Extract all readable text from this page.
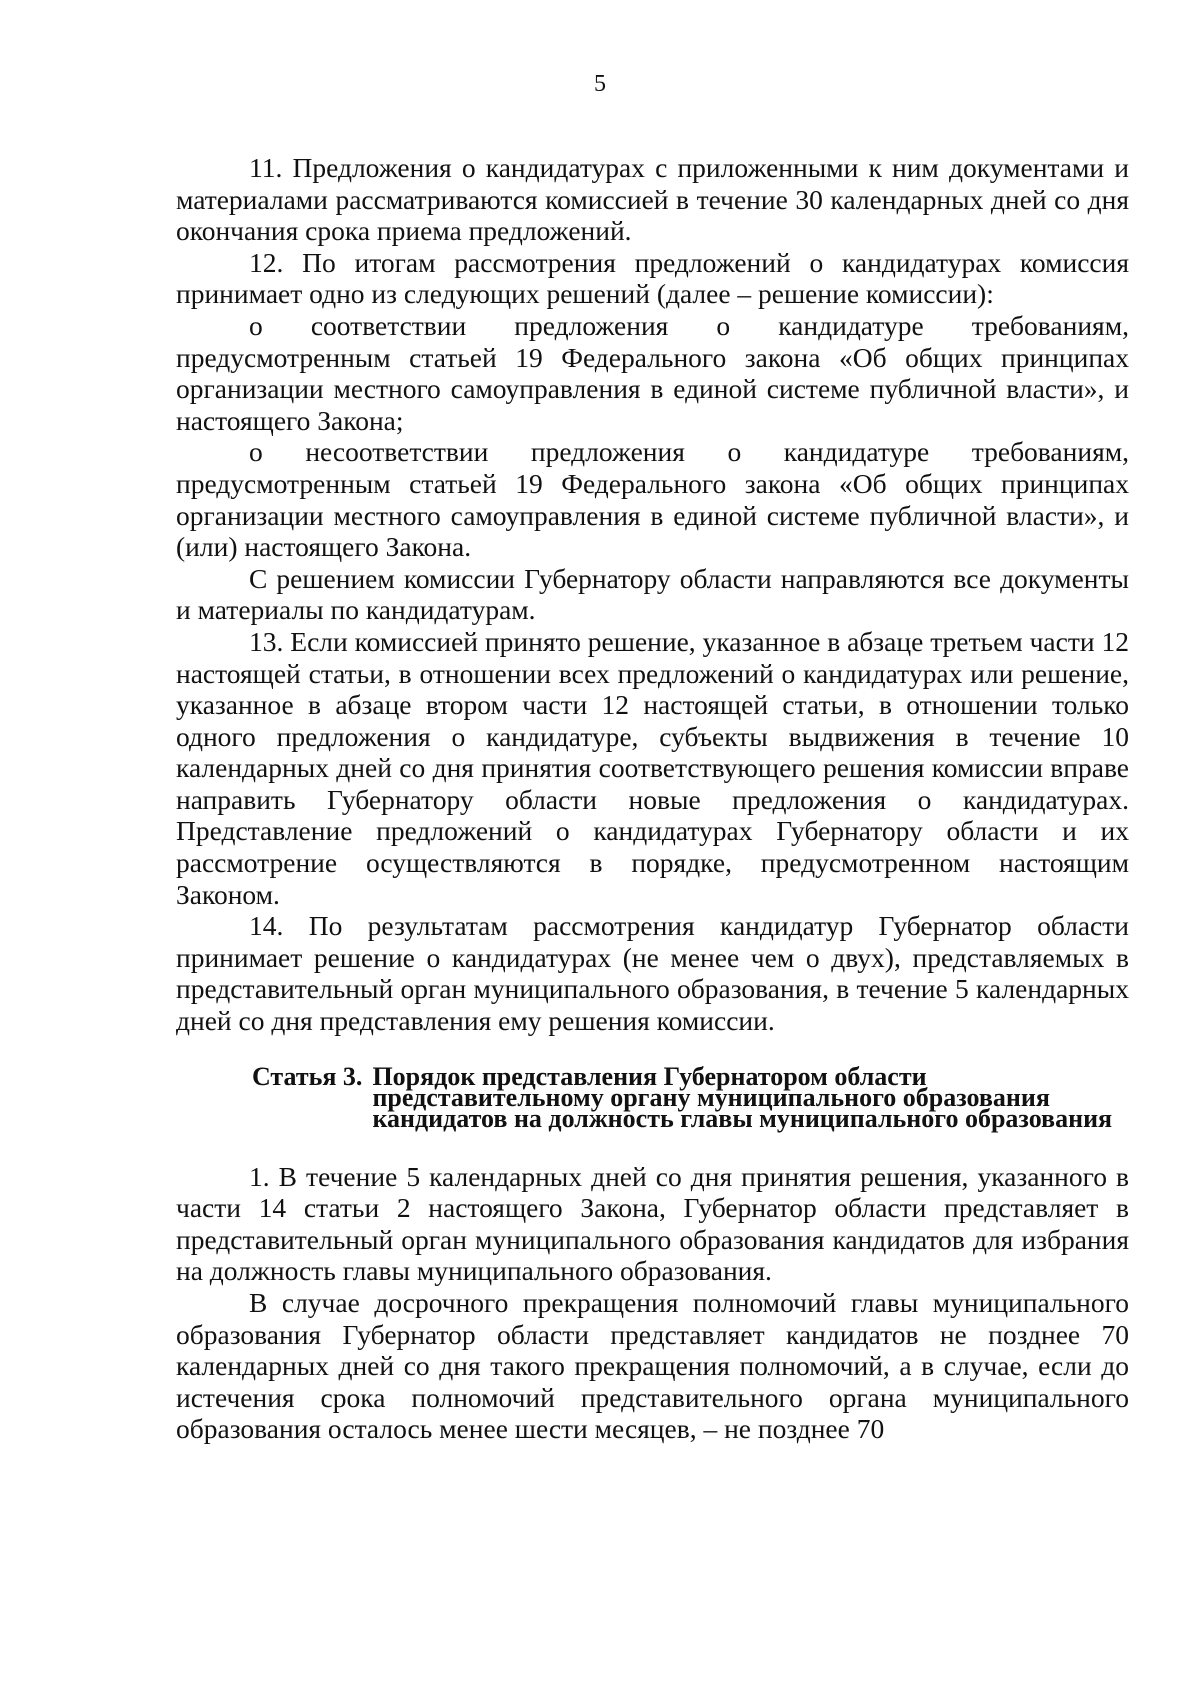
5

11. Предложения о кандидатурах с приложенными к ним документами и материалами рассматриваются комиссией в течение 30 календарных дней со дня окончания срока приема предложений.

12. По итогам рассмотрения предложений о кандидатурах комиссия принимает одно из следующих решений (далее – решение комиссии):

о соответствии предложения о кандидатуре требованиям, предусмотренным статьей 19 Федерального закона «Об общих принципах организации местного самоуправления в единой системе публичной власти», и настоящего Закона;

о несоответствии предложения о кандидатуре требованиям, предусмотренным статьей 19 Федерального закона «Об общих принципах организации местного самоуправления в единой системе публичной власти», и (или) настоящего Закона.

С решением комиссии Губернатору области направляются все документы и материалы по кандидатурам.

13. Если комиссией принято решение, указанное в абзаце третьем части 12 настоящей статьи, в отношении всех предложений о кандидатурах или решение, указанное в абзаце втором части 12 настоящей статьи, в отношении только одного предложения о кандидатуре, субъекты выдвижения в течение 10 календарных дней со дня принятия соответствующего решения комиссии вправе направить Губернатору области новые предложения о кандидатурах. Представление предложений о кандидатурах Губернатору области и их рассмотрение осуществляются в порядке, предусмотренном настоящим Законом.

14. По результатам рассмотрения кандидатур Губернатор области принимает решение о кандидатурах (не менее чем о двух), представляемых в представительный орган муниципального образования, в течение 5 календарных дней со дня представления ему решения комиссии.

Статья 3. Порядок представления Губернатором области представительному органу муниципального образования кандидатов на должность главы муниципального образования

1. В течение 5 календарных дней со дня принятия решения, указанного в части 14 статьи 2 настоящего Закона, Губернатор области представляет в представительный орган муниципального образования кандидатов для избрания на должность главы муниципального образования.

В случае досрочного прекращения полномочий главы муниципального образования Губернатор области представляет кандидатов не позднее 70 календарных дней со дня такого прекращения полномочий, а в случае, если до истечения срока полномочий представительного органа муниципального образования осталось менее шести месяцев, – не позднее 70
